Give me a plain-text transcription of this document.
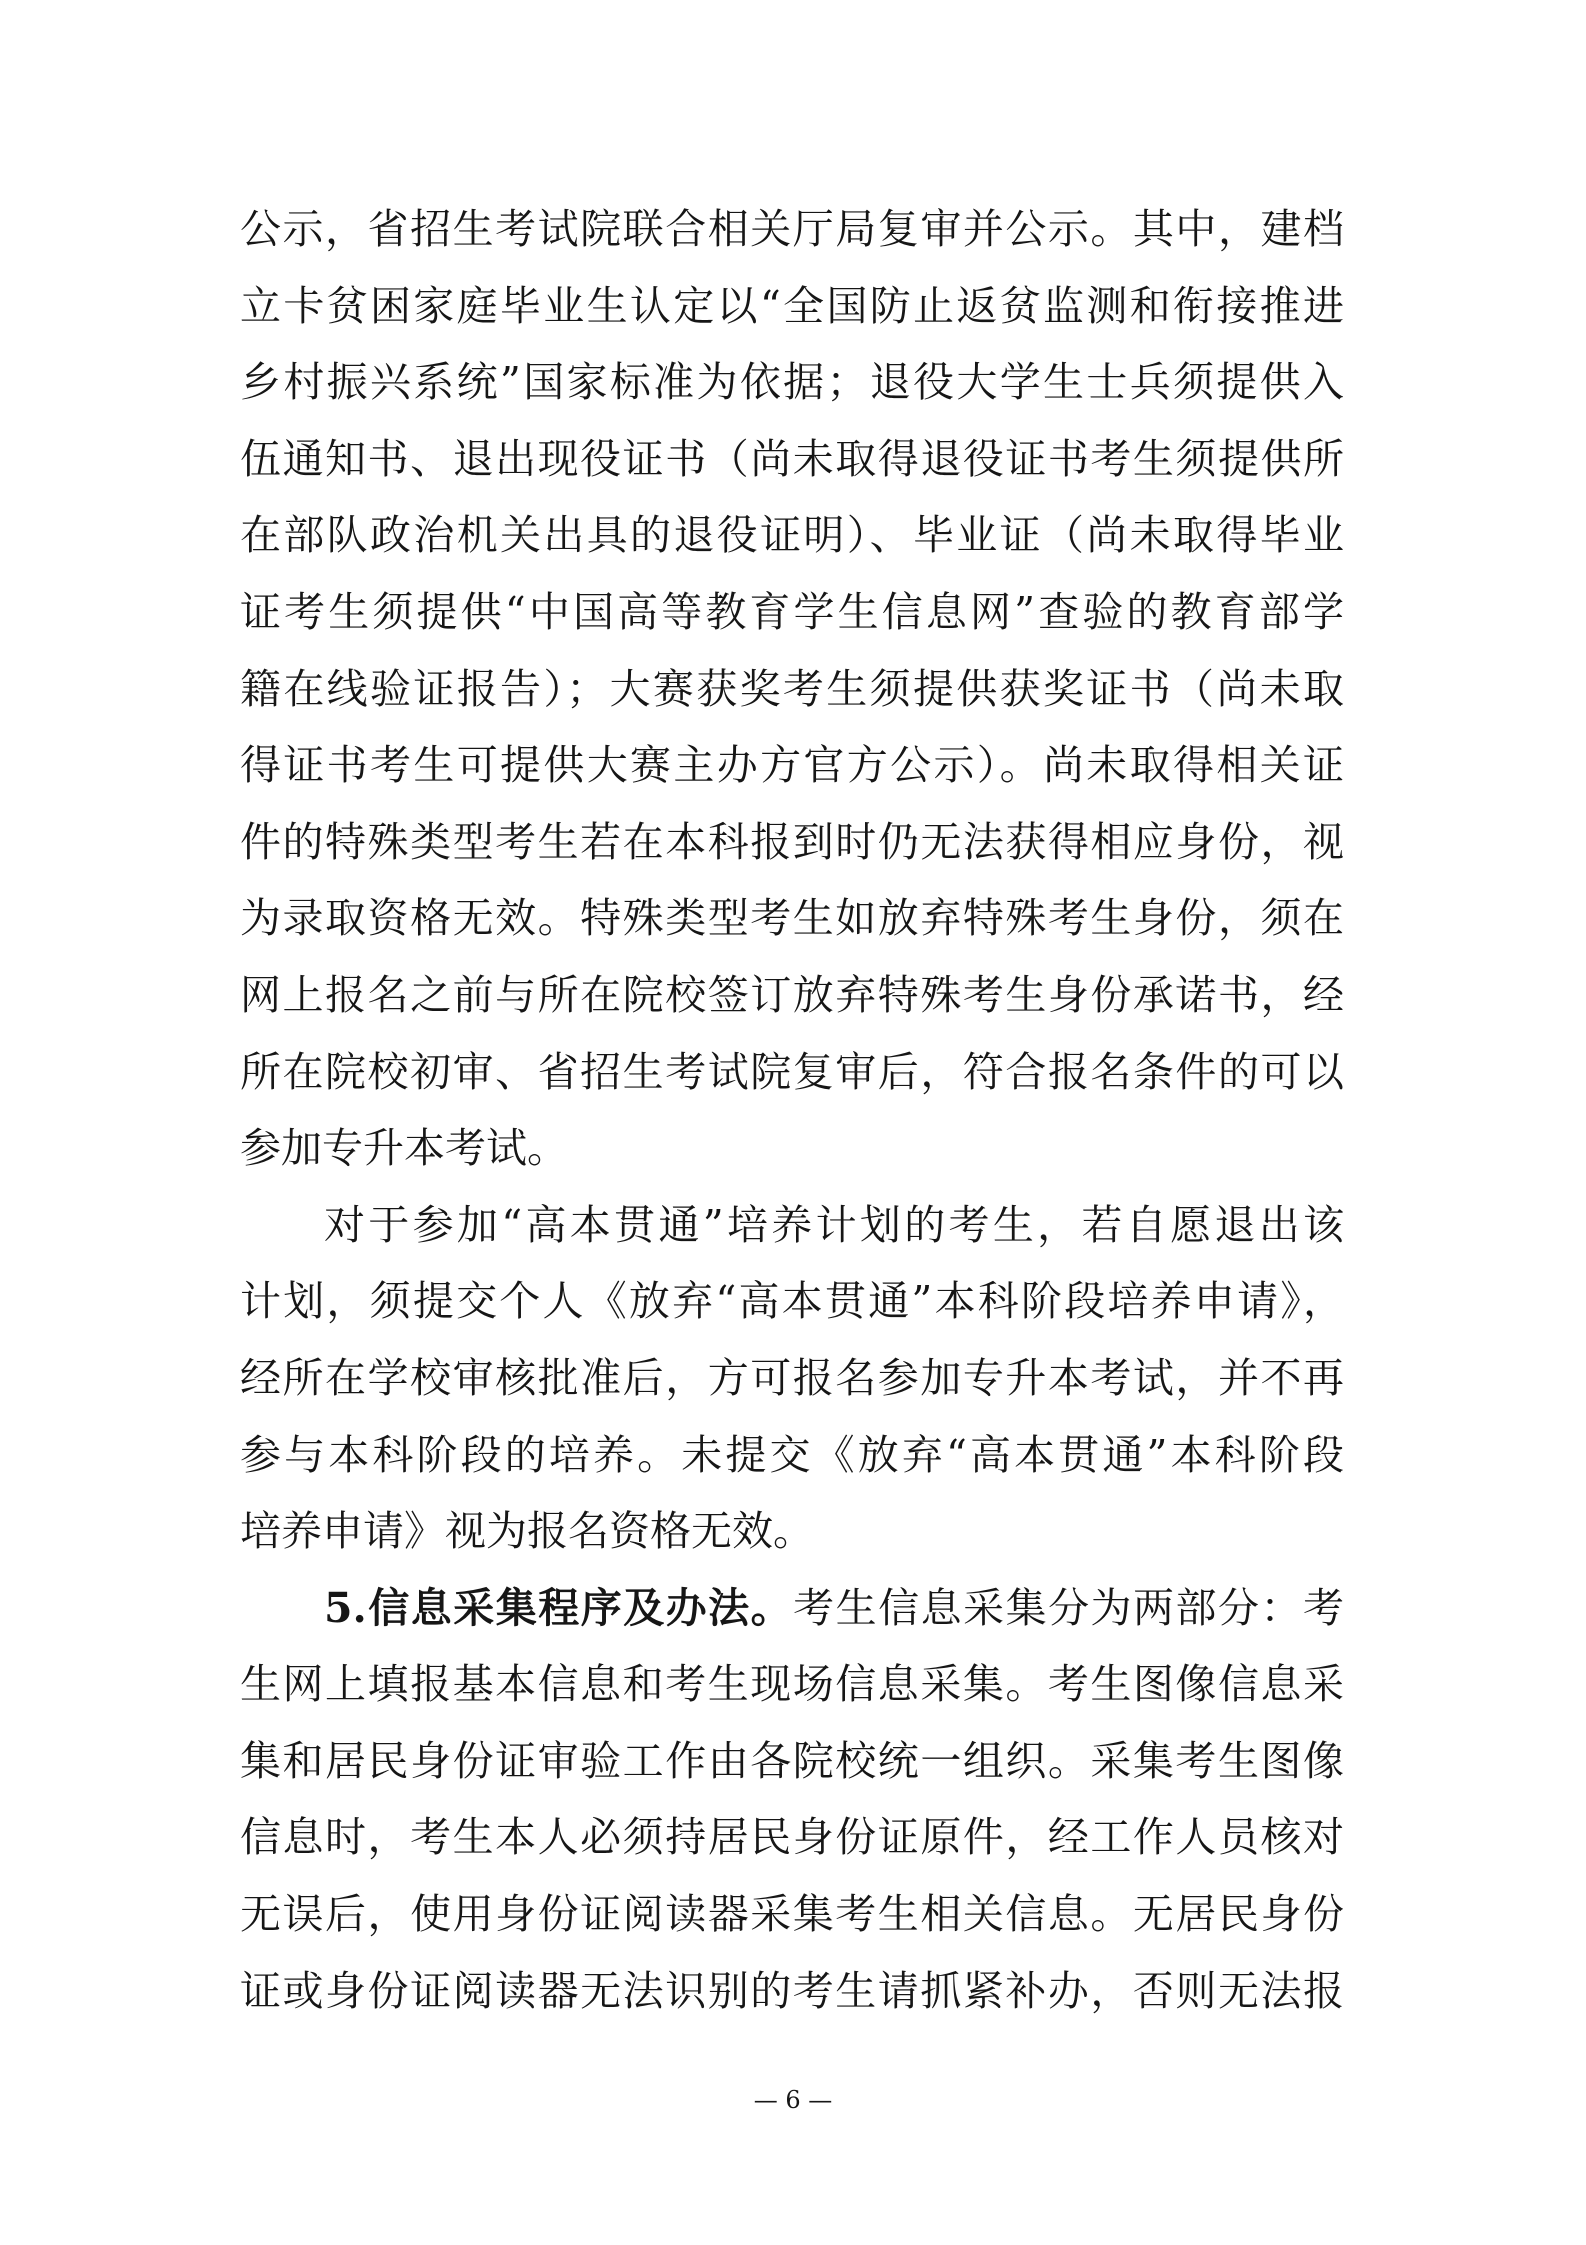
公示，省招生考试院联合相关厅局复审并公示。其中，建档
立卡贫困家庭毕业生认定以“全国防止返贫监测和衔接推进
乡村振兴系统”国家标准为依据；退役大学生士兵须提供入
伍通知书、退出现役证书（尚未取得退役证书考生须提供所
在部队政治机关出具的退役证明）、毕业证（尚未取得毕业
证考生须提供“中国高等教育学生信息网”查验的教育部学
籍在线验证报告）；大赛获奖考生须提供获奖证书（尚未取
得证书考生可提供大赛主办方官方公示）。尚未取得相关证
件的特殊类型考生若在本科报到时仍无法获得相应身份，视
为录取资格无效。特殊类型考生如放弃特殊考生身份，须在
网上报名之前与所在院校签订放弃特殊考生身份承诺书，经
所在院校初审、省招生考试院复审后，符合报名条件的可以
参加专升本考试。
对于参加“高本贯通”培养计划的考生，若自愿退出该
计划，须提交个人《放弃“高本贯通”本科阶段培养申请》，
经所在学校审核批准后，方可报名参加专升本考试，并不再
参与本科阶段的培养。未提交《放弃“高本贯通”本科阶段
培养申请》视为报名资格无效。
5.信息采集程序及办法。考生信息采集分为两部分：考
生网上填报基本信息和考生现场信息采集。考生图像信息采
集和居民身份证审验工作由各院校统一组织。采集考生图像
信息时，考生本人必须持居民身份证原件，经工作人员核对
无误后，使用身份证阅读器采集考生相关信息。无居民身份
证或身份证阅读器无法识别的考生请抓紧补办，否则无法报
— 6 —
